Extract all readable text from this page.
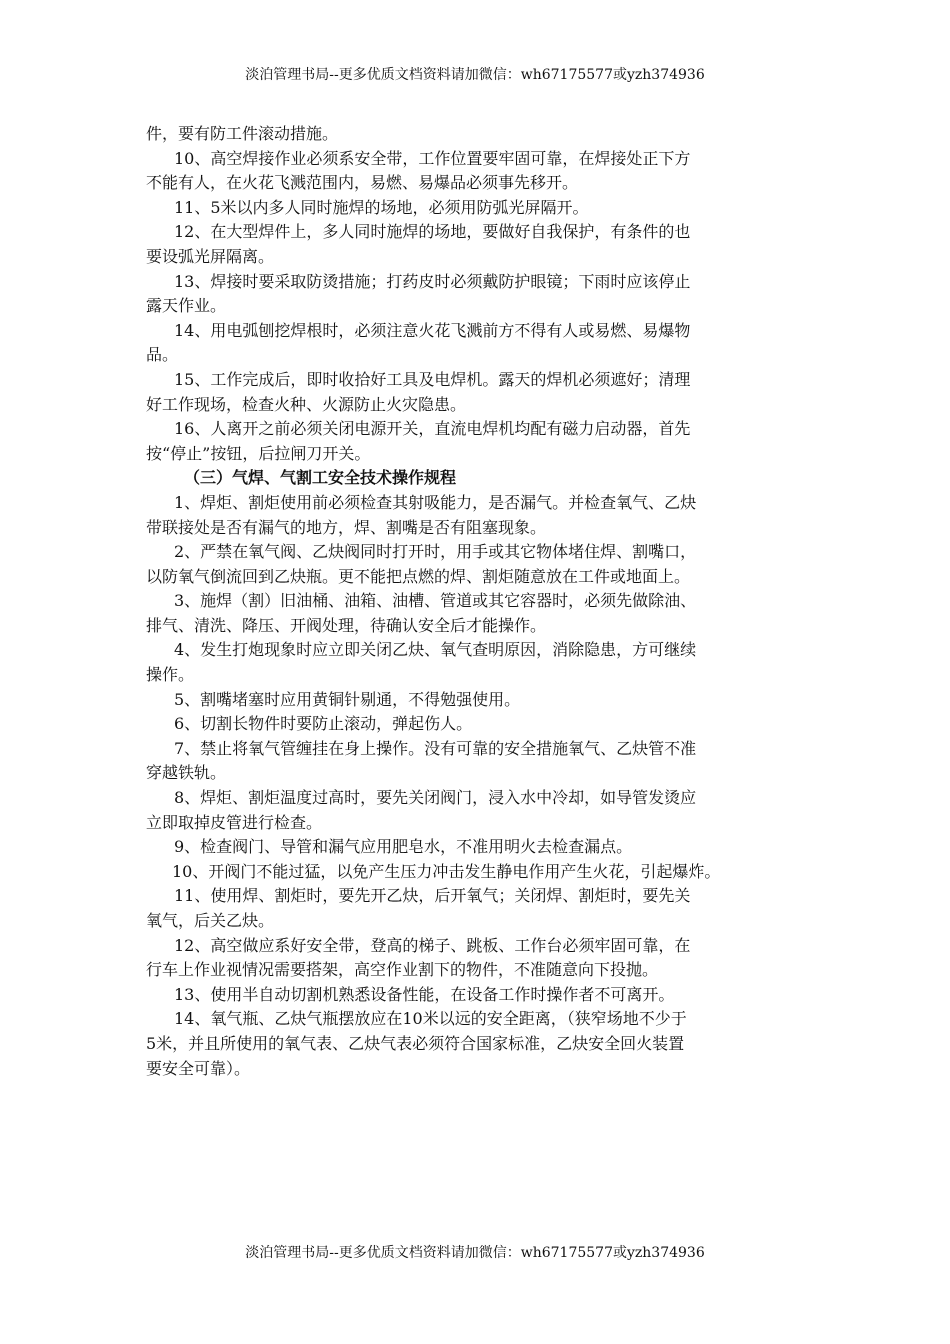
淡泊管理书局--更多优质文档资料请加微信：wh67175577或yzh374936
件，要有防工件滚动措施。
10、高空焊接作业必须系安全带，工作位置要牢固可靠，在焊接处正下方
不能有人，在火花飞溅范围内，易燃、易爆品必须事先移开。
11、5米以内多人同时施焊的场地，必须用防弧光屏隔开。
12、在大型焊件上，多人同时施焊的场地，要做好自我保护，有条件的也
要设弧光屏隔离。
13、焊接时要采取防烫措施；打药皮时必须戴防护眼镜；下雨时应该停止
露天作业。
14、用电弧刨挖焊根时，必须注意火花飞溅前方不得有人或易燃、易爆物
品。
15、工作完成后，即时收拾好工具及电焊机。露天的焊机必须遮好；清理
好工作现场，检查火种、火源防止火灾隐患。
16、人离开之前必须关闭电源开关，直流电焊机均配有磁力启动器，首先
按“停止”按钮，后拉闸刀开关。
（三）气焊、气割工安全技术操作规程
1、焊炬、割炬使用前必须检查其射吸能力，是否漏气。并检查氧气、乙炔
带联接处是否有漏气的地方，焊、割嘴是否有阻塞现象。
2、严禁在氧气阀、乙炔阀同时打开时，用手或其它物体堵住焊、割嘴口，
以防氧气倒流回到乙炔瓶。更不能把点燃的焊、割炬随意放在工件或地面上。
3、施焊（割）旧油桶、油箱、油槽、管道或其它容器时，必须先做除油、
排气、清洗、降压、开阀处理，待确认安全后才能操作。
4、发生打炮现象时应立即关闭乙炔、氧气查明原因，消除隐患，方可继续
操作。
5、割嘴堵塞时应用黄铜针剔通，不得勉强使用。
6、切割长物件时要防止滚动，弹起伤人。
7、禁止将氧气管缠挂在身上操作。没有可靠的安全措施氧气、乙炔管不准
穿越铁轨。
8、焊炬、割炬温度过高时，要先关闭阀门，浸入水中冷却，如导管发烫应
立即取掉皮管进行检查。
9、检查阀门、导管和漏气应用肥皂水，不准用明火去检查漏点。
10、开阀门不能过猛，以免产生压力冲击发生静电作用产生火花，引起爆炸。
11、使用焊、割炬时，要先开乙炔，后开氧气；关闭焊、割炬时，要先关
氧气，后关乙炔。
12、高空做应系好安全带，登高的梯子、跳板、工作台必须牢固可靠，在
行车上作业视情况需要搭架，高空作业割下的物件，不准随意向下投抛。
13、使用半自动切割机熟悉设备性能，在设备工作时操作者不可离开。
14、氧气瓶、乙炔气瓶摆放应在10米以远的安全距离，（狭窄场地不少于
5米，并且所使用的氧气表、乙炔气表必须符合国家标准，乙炔安全回火装置
要安全可靠）。
淡泊管理书局--更多优质文档资料请加微信：wh67175577或yzh374936
